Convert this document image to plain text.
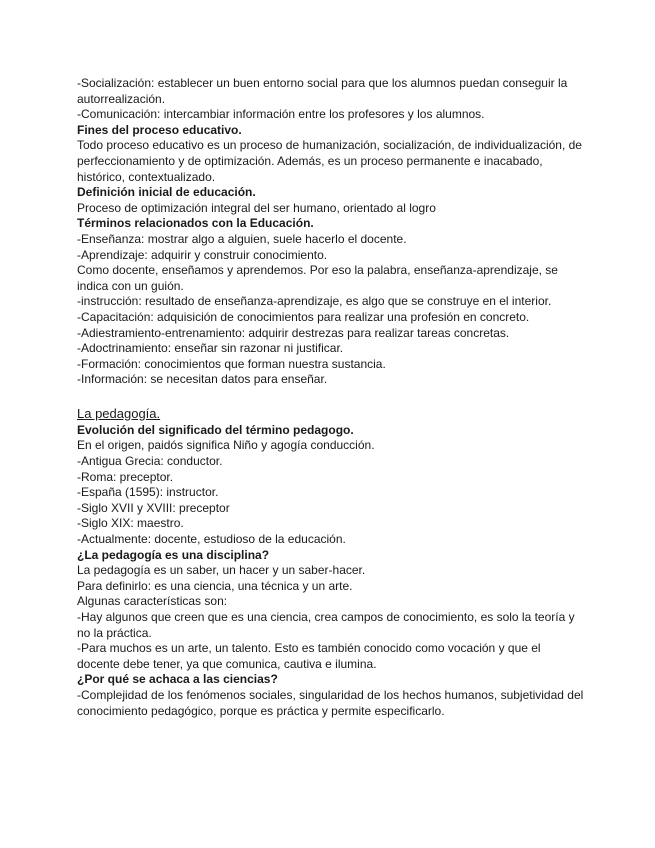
-Socialización: establecer un buen entorno social para que los alumnos puedan conseguir la autorrealización.

-Comunicación: intercambiar información entre los profesores y los alumnos.

Fines del proceso educativo.

Todo proceso educativo es un proceso de humanización, socialización, de individualización, de perfeccionamiento y de optimización. Además, es un proceso permanente e inacabado, histórico, contextualizado.

Definición inicial de educación.

Proceso de optimización integral del ser humano, orientado al logro

Términos relacionados con la Educación.

-Enseñanza: mostrar algo a alguien, suele hacerlo el docente.

-Aprendizaje: adquirir y construir conocimiento.

Como docente, enseñamos y aprendemos. Por eso la palabra, enseñanza-aprendizaje, se indica con un guión.

-instrucción: resultado de enseñanza-aprendizaje, es algo que se construye en el interior.

-Capacitación: adquisición de conocimientos para realizar una profesión en concreto.

-Adiestramiento-entrenamiento: adquirir destrezas para realizar tareas concretas.

-Adoctrinamiento: enseñar sin razonar ni justificar.

-Formación: conocimientos que forman nuestra sustancia.

-Información: se necesitan datos para enseñar.

La pedagogía.

Evolución del significado del término pedagogo.

En el origen, paidós significa Niño y agogía conducción.

-Antigua Grecia: conductor.

-Roma: preceptor.

-España (1595): instructor.

-Siglo XVII y XVIII: preceptor

-Siglo XIX: maestro.

-Actualmente: docente, estudioso de la educación.

¿La pedagogía es una disciplina?

La pedagogía es un saber, un hacer y un saber-hacer.

Para definirlo: es una ciencia, una técnica y un arte.

Algunas características son:

-Hay algunos que creen que es una ciencia, crea campos de conocimiento, es solo la teoría y no la práctica.

-Para muchos es un arte, un talento. Esto es también conocido como vocación y que el docente debe tener, ya que comunica, cautiva e ilumina.

¿Por qué se achaca a las ciencias?

-Complejidad de los fenómenos sociales, singularidad de los hechos humanos, subjetividad del conocimiento pedagógico, porque es práctica y permite especificarlo.
